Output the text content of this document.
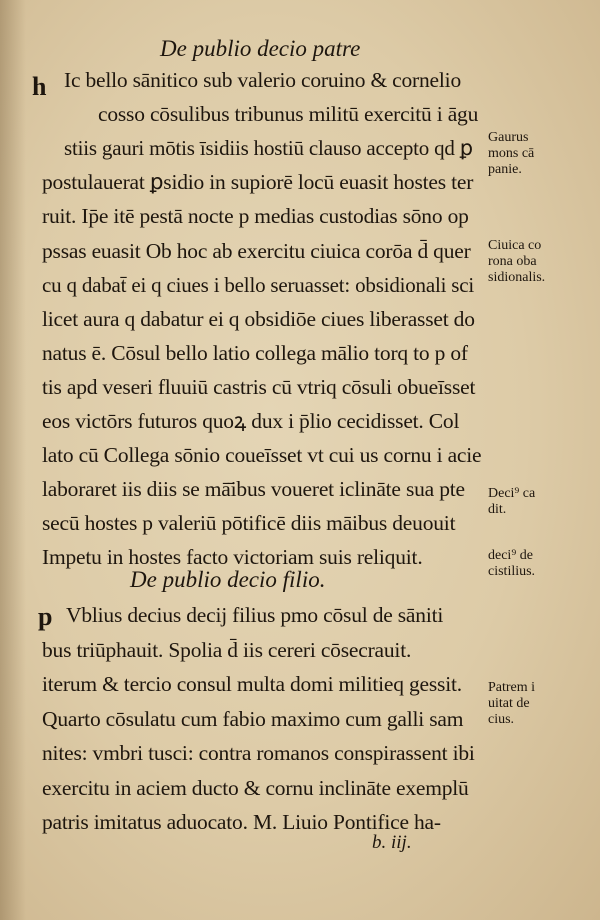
De publio decio patre
h Ic bello sānitico sub valerio coruino & cornelio
cosso cōsulibus tribunus militū exercitū i āgu
stiis gauri mōtis īsidiis hostiū clauso accepto qd ꝑ
postulauerat ꝑsidio in supiorē locū euasit hostes ter
ruit. Ip̄e itē pestā nocte p medias custodias sōno op
pssas euasit Ob hoc ab exercitu ciuica corōa d̄ quer
cu q dabat̄ ei q ciues i bello seruasset: obsidionali sci
licet aura q dabatur ei q obsidiōe ciues liberasset do
natus ē. Cōsul bello latio collega mālio torq to p of
tis apd veseri fluuiū castris cū vtriq cōsuli obueīsset
eos victōrs futuros quoꝝ dux i p̄lio cecidisset. Col
lato cū Collega sōnio coueīsset vt cui us cornu i acie
laboraret iis diis se mā̄ibus voueret iclināte sua pte
secū hostes p valeriū pōtificē diis māibus deuouit
Impetu in hostes facto victoriam suis reliquit.
De publio decio filio.
p Vblius decius decij filius pmo cōsul de sāniti
bus triūphauit. Spolia d̄ iis cereri cōsecrauit.
iterum & tercio consul multa domi militieq gessit.
Quarto cōsulatu cum fabio maximo cum galli sam
nites: vmbri tusci: contra romanos conspirassent ibi
exercitu in aciem ducto & cornu inclināte exemplū
patris imitatus aduocato. M. Liuio Pontifice ha-
b. iij.
Gaurus
mons cā
panie.
Ciuica co
rona oba
sidionalis.
Deci⁹ ca
dit.
deci⁹ de
cistilius.
Patrem i
uitat de
cius.
